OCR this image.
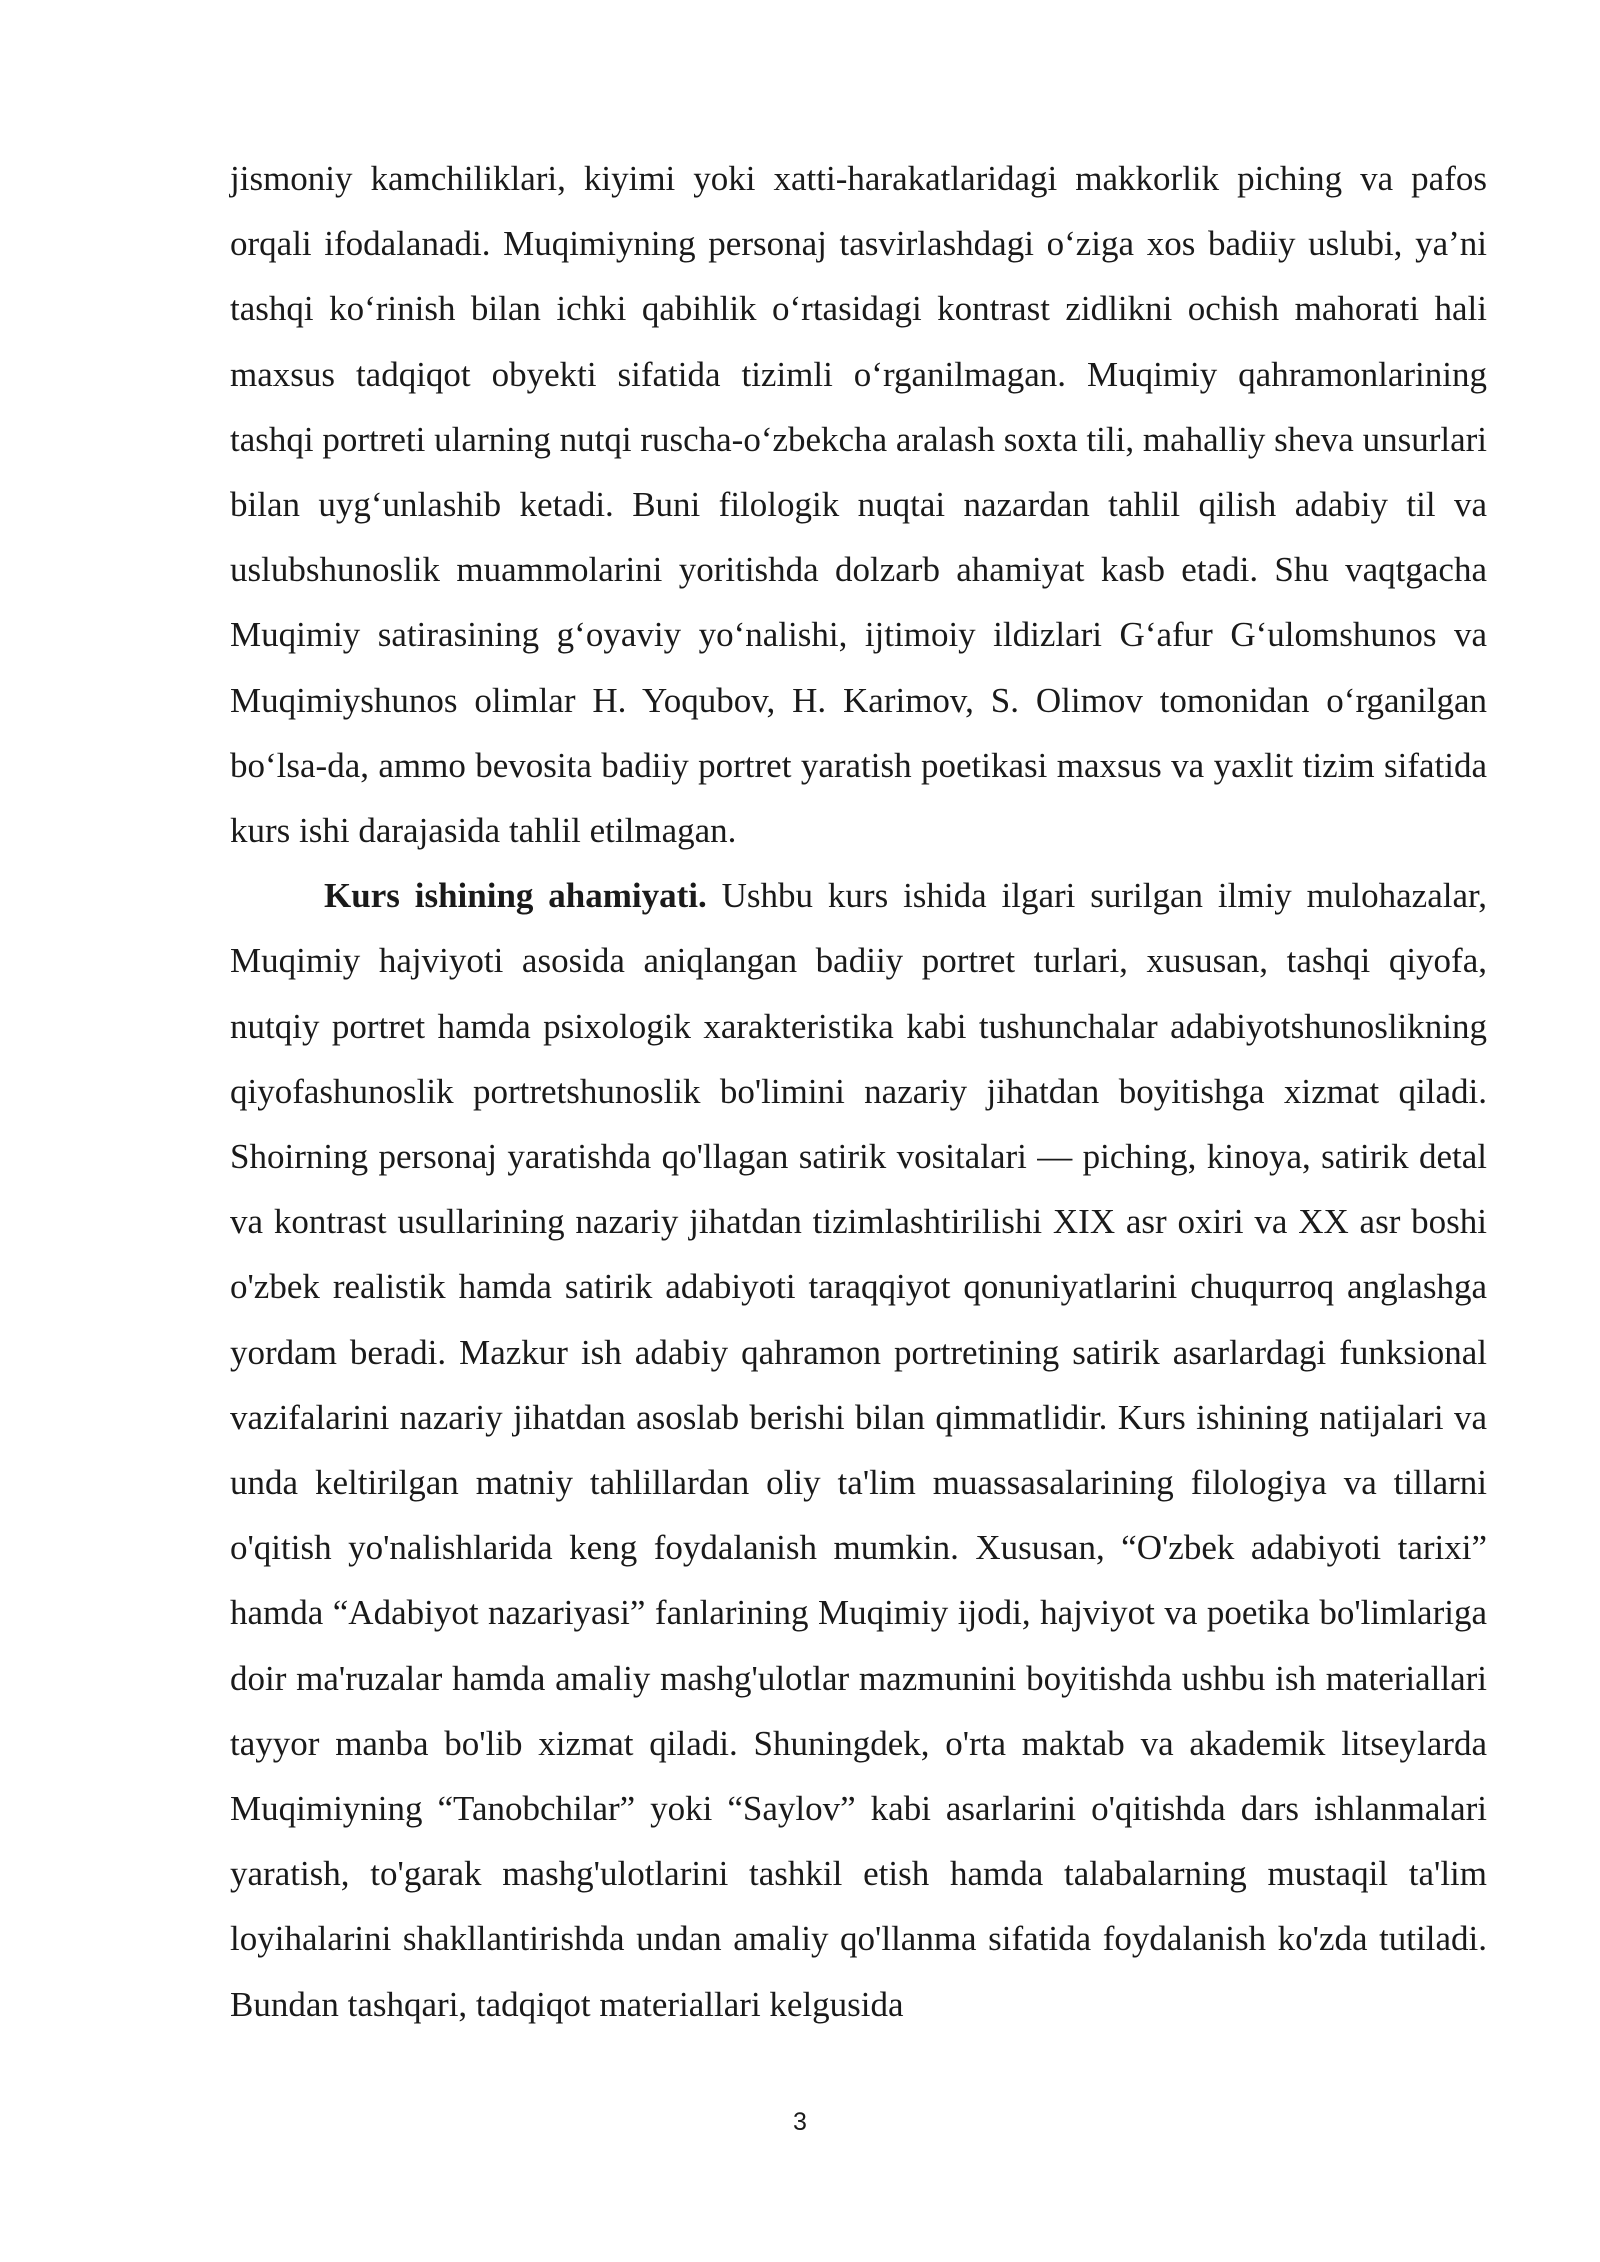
jismoniy kamchiliklari, kiyimi yoki xatti-harakatlaridagi makkorlik piching va pafos orqali ifodalanadi. Muqimiyning personaj tasvirlashdagi o‘ziga xos badiiy uslubi, ya’ni tashqi ko‘rinish bilan ichki qabihlik o‘rtasidagi kontrast zidlikni ochish mahorati hali maxsus tadqiqot obyekti sifatida tizimli o‘rganilmagan. Muqimiy qahramonlarining tashqi portreti ularning nutqi ruscha-o‘zbekcha aralash soxta tili, mahalliy sheva unsurlari bilan uyg‘unlashib ketadi. Buni filologik nuqtai nazardan tahlil qilish adabiy til va uslubshunoslik muammolarini yoritishda dolzarb ahamiyat kasb etadi. Shu vaqtgacha Muqimiy satirasining g‘oyaviy yo‘nalishi, ijtimoiy ildizlari G‘afur G‘ulomshunos va Muqimiyshunos olimlar H. Yoqubov, H. Karimov, S. Olimov tomonidan o‘rganilgan bo‘lsa-da, ammo bevosita badiiy portret yaratish poetikasi maxsus va yaxlit tizim sifatida kurs ishi darajasida tahlil etilmagan.

Kurs ishining ahamiyati. Ushbu kurs ishida ilgari surilgan ilmiy mulohazalar, Muqimiy hajviyoti asosida aniqlangan badiiy portret turlari, xususan, tashqi qiyofa, nutqiy portret hamda psixologik xarakteristika kabi tushunchalar adabiyotshunoslikning qiyofashunoslik portretshunoslik bo'limini nazariy jihatdan boyitishga xizmat qiladi. Shoirning personaj yaratishda qo'llagan satirik vositalari — piching, kinoya, satirik detal va kontrast usullarining nazariy jihatdan tizimlashtirilishi XIX asr oxiri va XX asr boshi o'zbek realistik hamda satirik adabiyoti taraqqiyot qonuniyatlarini chuqurroq anglashga yordam beradi. Mazkur ish adabiy qahramon portretining satirik asarlardagi funksional vazifalarini nazariy jihatdan asoslab berishi bilan qimmatlidir. Kurs ishining natijalari va unda keltirilgan matniy tahlillardan oliy ta'lim muassasalarining filologiya va tillarni o'qitish yo'nalishlarida keng foydalanish mumkin. Xususan, “O'zbek adabiyoti tarixi” hamda “Adabiyot nazariyasi” fanlarining Muqimiy ijodi, hajviyot va poetika bo'limlariga doir ma'ruzalar hamda amaliy mashg'ulotlar mazmunini boyitishda ushbu ish materiallari tayyor manba bo'lib xizmat qiladi. Shuningdek, o'rta maktab va akademik litseylarda Muqimiyning “Tanobchilar” yoki “Saylov” kabi asarlarini o'qitishda dars ishlanmalari yaratish, to'garak mashg'ulotlarini tashkil etish hamda talabalarning mustaqil ta'lim loyihalarini shakllantirishda undan amaliy qo'llanma sifatida foydalanish ko'zda tutiladi. Bundan tashqari, tadqiqot materiallari kelgusida

3
